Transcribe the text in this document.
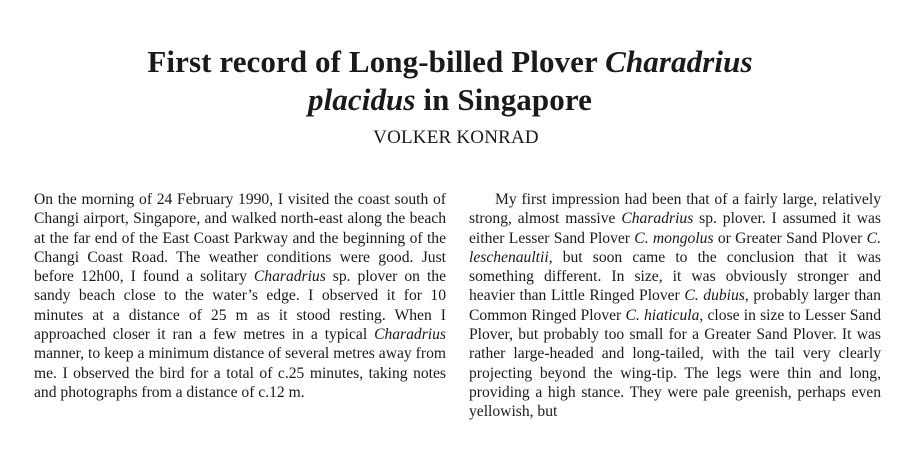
First record of Long-billed Plover Charadrius
placidus in Singapore
VOLKER KONRAD

On the morning of 24 February 1990, I visited the coast south of Changi airport, Singapore, and walked north-east along the beach at the far end of the East Coast Parkway and the beginning of the Changi Coast Road. The weather conditions were good. Just before 12h00, I found a solitary Charadrius sp. plover on the sandy beach close to the water’s edge. I observed it for 10 minutes at a distance of 25 m as it stood resting. When I approached closer it ran a few metres in a typical Charadrius manner, to keep a minimum distance of several metres away from me. I observed the bird for a total of c.25 minutes, taking notes and photographs from a distance of c.12 m.

My first impression had been that of a fairly large, relatively strong, almost massive Charadrius sp. plover. I assumed it was either Lesser Sand Plover C. mongolus or Greater Sand Plover C. leschenaultii, but soon came to the conclusion that it was something different. In size, it was obviously stronger and heavier than Little Ringed Plover C. dubius, probably larger than Common Ringed Plover C. hiaticula, close in size to Lesser Sand Plover, but probably too small for a Greater Sand Plover. It was rather large-headed and long-tailed, with the tail very clearly projecting beyond the wing-tip. The legs were thin and long, providing a high stance. They were pale greenish, perhaps even yellowish, but
